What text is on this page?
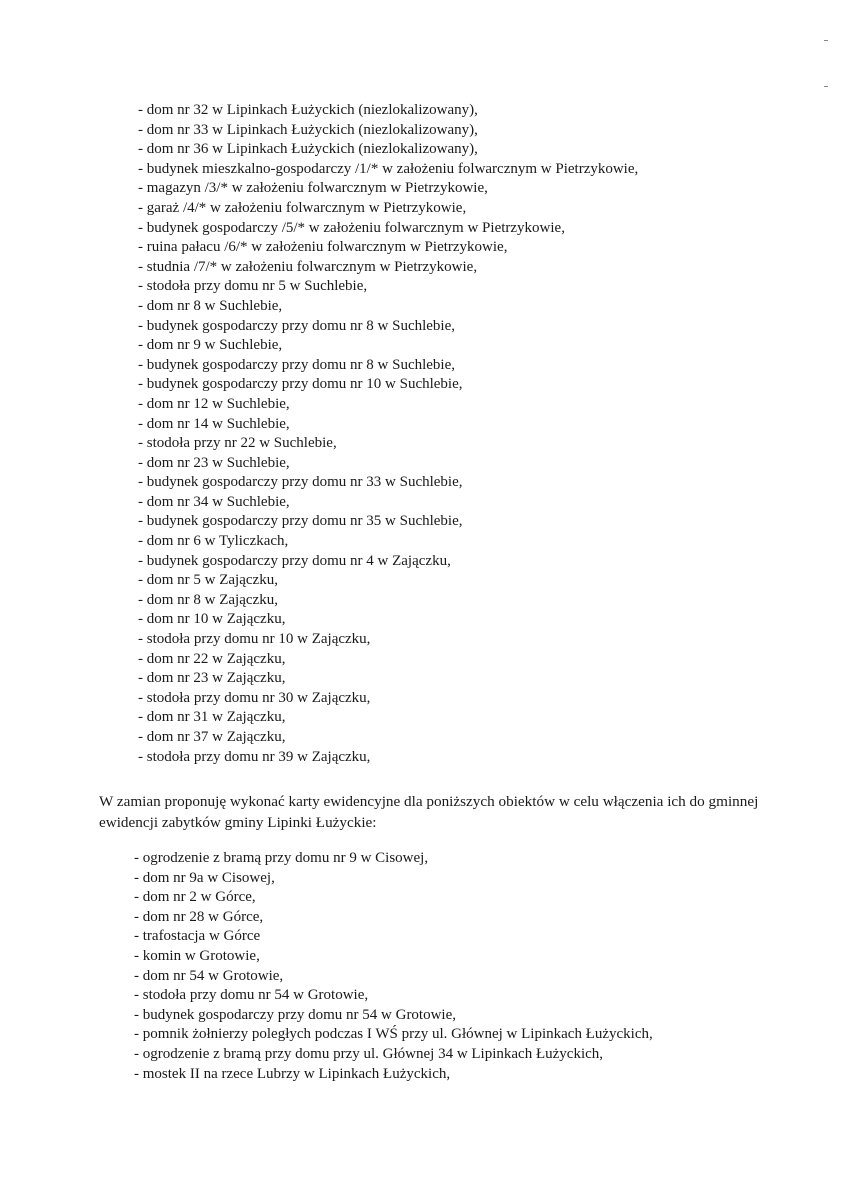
- dom nr 32 w Lipinkach Łużyckich (niezlokalizowany),
- dom nr 33 w Lipinkach Łużyckich (niezlokalizowany),
- dom nr 36 w Lipinkach Łużyckich (niezlokalizowany),
- budynek mieszkalno-gospodarczy /1/* w założeniu folwarcznym w Pietrzykowie,
- magazyn /3/* w założeniu folwarcznym w Pietrzykowie,
- garaż /4/* w założeniu folwarcznym w Pietrzykowie,
- budynek gospodarczy /5/* w założeniu folwarcznym w Pietrzykowie,
- ruina pałacu /6/* w założeniu folwarcznym w Pietrzykowie,
- studnia /7/* w założeniu folwarcznym w Pietrzykowie,
- stodoła przy domu nr 5 w Suchlebie,
- dom nr 8 w Suchlebie,
- budynek gospodarczy przy domu nr 8 w Suchlebie,
- dom nr 9 w Suchlebie,
- budynek gospodarczy przy domu nr 8 w Suchlebie,
- budynek gospodarczy przy domu nr 10 w Suchlebie,
- dom nr 12 w Suchlebie,
- dom nr 14 w Suchlebie,
- stodoła przy nr 22 w Suchlebie,
- dom nr 23 w Suchlebie,
- budynek gospodarczy przy domu nr 33 w Suchlebie,
- dom nr 34 w Suchlebie,
- budynek gospodarczy przy domu nr 35 w Suchlebie,
- dom nr 6 w Tyliczkach,
- budynek gospodarczy przy domu nr 4 w Zajączku,
- dom nr 5 w Zajączku,
- dom nr 8 w Zajączku,
- dom nr 10 w Zajączku,
- stodoła przy domu nr 10 w Zajączku,
- dom nr 22 w Zajączku,
- dom nr 23 w Zajączku,
- stodoła przy domu nr 30 w Zajączku,
- dom nr 31 w Zajączku,
- dom nr 37 w Zajączku,
- stodoła przy domu nr 39 w Zajączku,

W zamian proponuję wykonać karty ewidencyjne dla poniższych obiektów w celu włączenia ich do gminnej ewidencji zabytków gminy Lipinki Łużyckie:

- ogrodzenie z bramą przy domu nr 9 w Cisowej,
- dom nr 9a w Cisowej,
- dom nr 2 w Górce,
- dom nr 28 w Górce,
- trafostacja w Górce
- komin w Grotowie,
- dom nr 54 w Grotowie,
- stodoła przy domu nr 54 w Grotowie,
- budynek gospodarczy przy domu nr 54 w Grotowie,
- pomnik żołnierzy poległych podczas I WŚ przy ul. Głównej w Lipinkach Łużyckich,
- ogrodzenie z bramą przy domu przy ul. Głównej 34 w Lipinkach Łużyckich,
- mostek II na rzece Lubrzy w Lipinkach Łużyckich,
